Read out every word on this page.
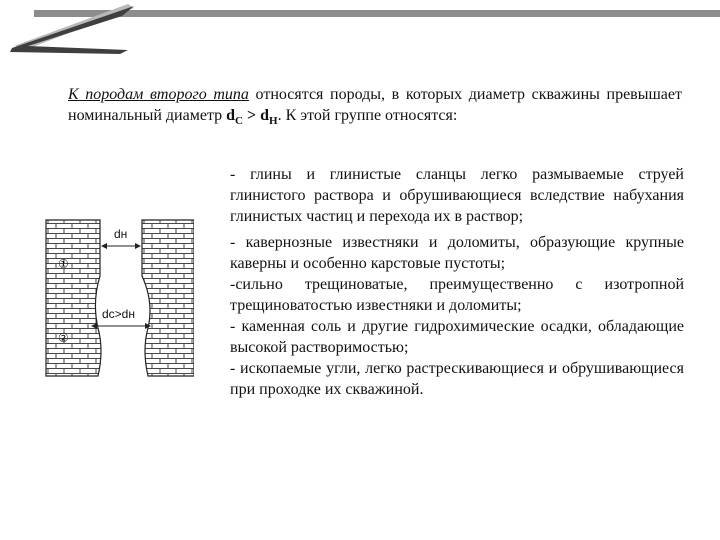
К породам второго типа относятся породы, в которых диаметр скважины превышает номинальный диаметр $d_С > d_Н$. К этой группе относятся:

- глины и глинистые сланцы легко размываемые струей глинистого раствора и обрушивающиеся вследствие набухания глинистых частиц и перехода их в раствор;

- кавернозные известняки и доломиты, образующие крупные каверны и особенно карстовые пустоты;

-сильно трещиноватые, преимущественно с изотропной трещиноватостью известняки и доломиты;

- каменная соль и другие гидрохимические осадки, обладающие высокой растворимостью;

- ископаемые угли, легко растрескивающиеся и обрушивающиеся при проходке их скважиной.

dн
dс>dн
①
②
